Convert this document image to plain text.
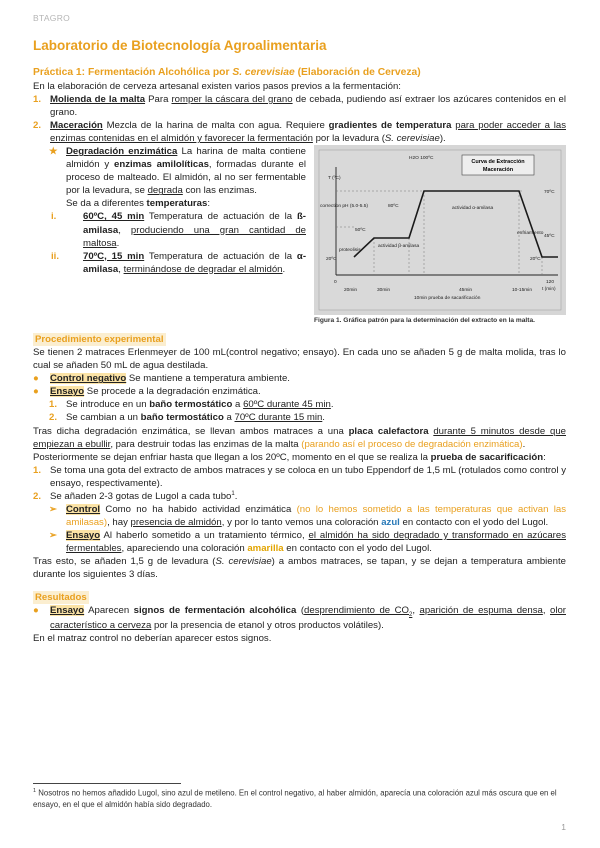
BTAGRO
Laboratorio de Biotecnología Agroalimentaria

Práctica 1: Fermentación Alcohólica por S. cerevisiae (Elaboración de Cerveza)

En la elaboración de cerveza artesanal existen varios pasos previos a la fermentación:

1. Molienda de la malta Para romper la cáscara del grano de cebada, pudiendo así extraer los azúcares contenidos en el grano.
2. Maceración Mezcla de la harina de malta con agua. Requiere gradientes de temperatura para poder acceder a las enzimas contenidas en el almidón y favorecer la fermentación por la levadura (S. cerevisiae).
Curva de Extracción
Maceración
T (ºC)
H2O 100ºC
correction pH (5.0-5.5)	80ºC
50ºC
proteolisis
actividad β-amilasa
actividad α-amilasa
70ºC
enfriamiento
45ºC
20ºC	20ºC
0	120
t (min)
20min	30min	45min	10-15min
10min prueba de sacarificación
Figura 1. Gráfica patrón para la determinación del extracto en la malta.
★ Degradación enzimática La harina de malta contiene almidón y enzimas amilolíticas, formadas durante el proceso de malteado. El almidón, al no ser fermentable por la levadura, se degrada con las enzimas.
Se da a diferentes temperaturas:
i.	60ºC, 45 min Temperatura de actuación de la ß-amilasa, produciendo una gran cantidad de maltosa.
ii.	70ºC, 15 min Temperatura de actuación de la α-amilasa, terminándose de degradar el almidón.

Procedimiento experimental

Se tienen 2 matraces Erlenmeyer de 100 mL(control negativo; ensayo). En cada uno se añaden 5 g de malta molida, tras lo cual se añaden 50 mL de agua destilada.

● Control negativo Se mantiene a temperatura ambiente.
● Ensayo Se procede a la degradación enzimática.
1. Se introduce en un baño termostático a 60ºC durante 45 min.
2. Se cambian a un baño termostático a 70ºC durante 15 min.

Tras dicha degradación enzimática, se llevan ambos matraces a una placa calefactora durante 5 minutos desde que empiezan a ebullir, para destruir todas las enzimas de la malta (parando así el proceso de degradación enzimática).

Posteriormente se dejan enfriar hasta que llegan a los 20ºC, momento en el que se realiza la prueba de sacarificación:

1. Se toma una gota del extracto de ambos matraces y se coloca en un tubo Eppendorf de 1,5 mL (rotulados como control y ensayo, respectivamente).
2. Se añaden 2-3 gotas de Lugol a cada tubo$^1$.
➢ Control Como no ha habido actividad enzimática (no lo hemos sometido a las temperaturas que activan las amilasas), hay presencia de almidón, y por lo tanto vemos una coloración azul en contacto con el yodo del Lugol.
➢ Ensayo Al haberlo sometido a un tratamiento térmico, el almidón ha sido degradado y transformado en azúcares fermentables, apareciendo una coloración amarilla en contacto con el yodo del Lugol.

Tras esto, se añaden 1,5 g de levadura (S. cerevisiae) a ambos matraces, se tapan, y se dejan a temperatura ambiente durante los siguientes 3 días.

Resultados

● Ensayo Aparecen signos de fermentación alcohólica (desprendimiento de $CO_2$, aparición de espuma densa, olor característico a cerveza por la presencia de etanol y otros productos volátiles).

En el matraz control no deberían aparecer estos signos.

$^1$ Nosotros no hemos añadido Lugol, sino azul de metileno. En el control negativo, al haber almidón, aparecía una coloración azul más oscura que en el ensayo, en el que el almidón había sido degradado.
1
